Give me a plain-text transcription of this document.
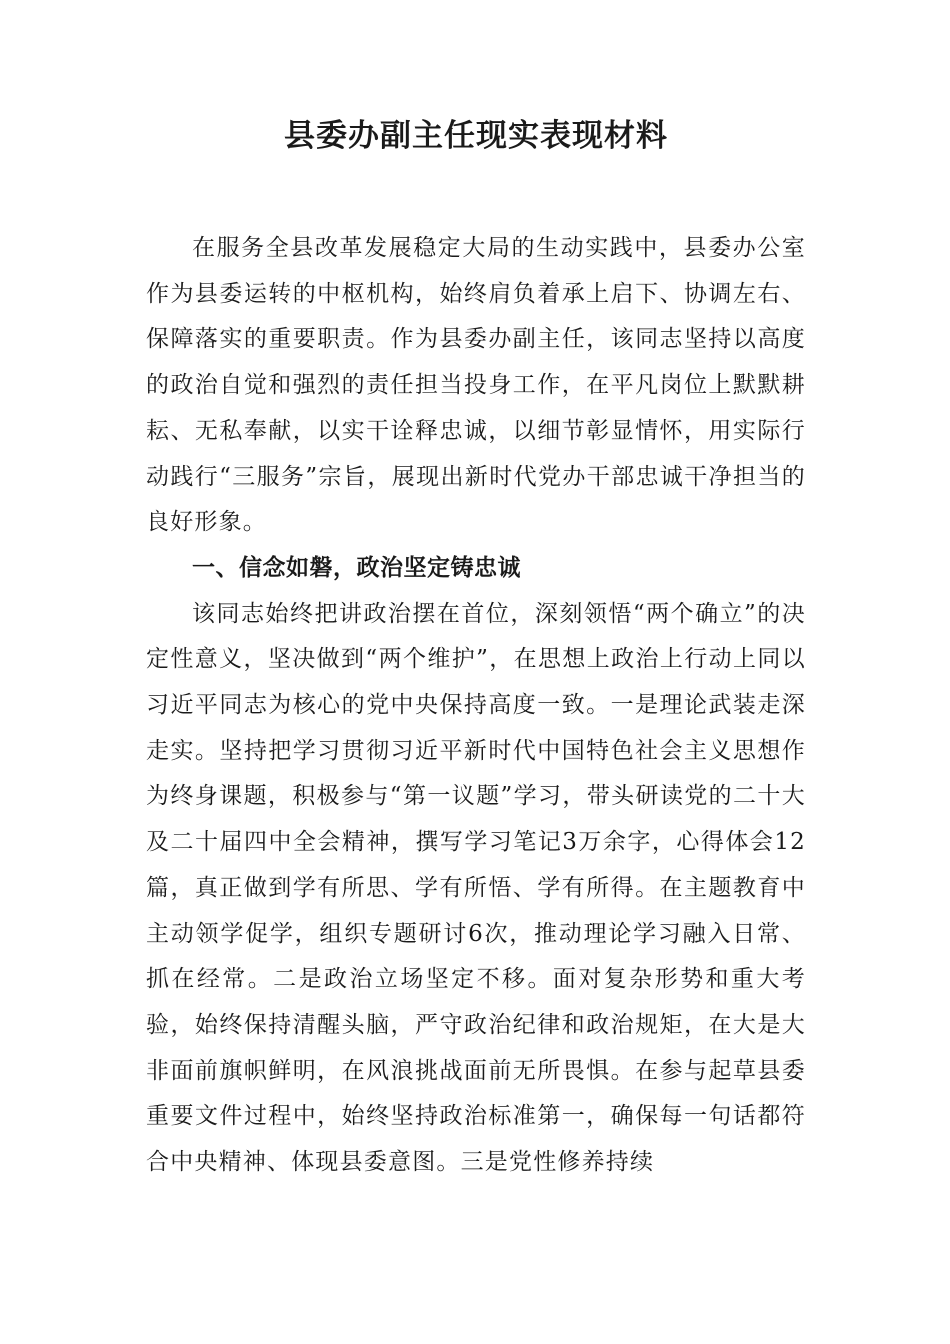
县委办副主任现实表现材料

在服务全县改革发展稳定大局的生动实践中，县委办公室作为县委运转的中枢机构，始终肩负着承上启下、协调左右、保障落实的重要职责。作为县委办副主任，该同志坚持以高度的政治自觉和强烈的责任担当投身工作，在平凡岗位上默默耕耘、无私奉献，以实干诠释忠诚，以细节彰显情怀，用实际行动践行“三服务”宗旨，展现出新时代党办干部忠诚干净担当的良好形象。

一、信念如磐，政治坚定铸忠诚

该同志始终把讲政治摆在首位，深刻领悟“两个确立”的决定性意义，坚决做到“两个维护”，在思想上政治上行动上同以习近平同志为核心的党中央保持高度一致。一是理论武装走深走实。坚持把学习贯彻习近平新时代中国特色社会主义思想作为终身课题，积极参与“第一议题”学习，带头研读党的二十大及二十届四中全会精神，撰写学习笔记3万余字，心得体会12篇，真正做到学有所思、学有所悟、学有所得。在主题教育中主动领学促学，组织专题研讨6次，推动理论学习融入日常、抓在经常。二是政治立场坚定不移。面对复杂形势和重大考验，始终保持清醒头脑，严守政治纪律和政治规矩，在大是大非面前旗帜鲜明，在风浪挑战面前无所畏惧。在参与起草县委重要文件过程中，始终坚持政治标准第一，确保每一句话都符合中央精神、体现县委意图。三是党性修养持续
